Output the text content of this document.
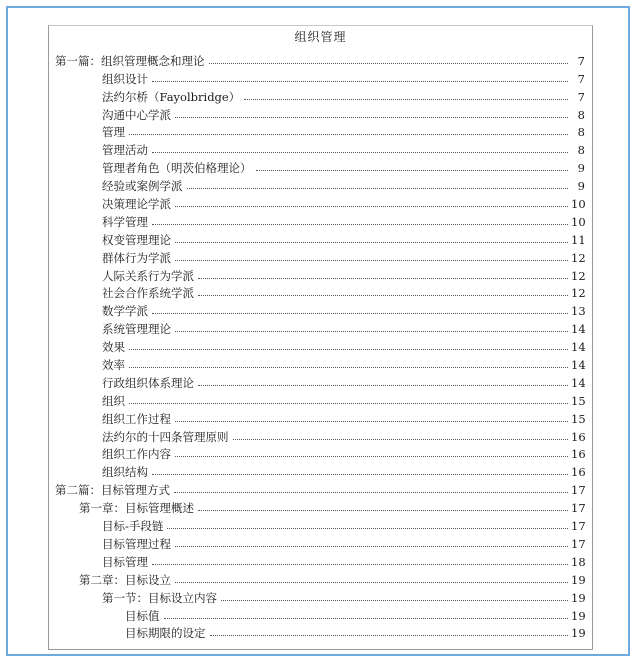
组织管理
第一篇：组织管理概念和理论	7
组织设计	7
法约尔桥（Fayolbridge）	7
沟通中心学派	8
管理	8
管理活动	8
管理者角色（明茨伯格理论）	9
经验或案例学派	9
决策理论学派	10
科学管理	10
权变管理理论	11
群体行为学派	12
人际关系行为学派	12
社会合作系统学派	12
数学学派	13
系统管理理论	14
效果	14
效率	14
行政组织体系理论	14
组织	15
组织工作过程	15
法约尔的十四条管理原则	16
组织工作内容	16
组织结构	16
第二篇：目标管理方式	17
第一章：目标管理概述	17
目标-手段链	17
目标管理过程	17
目标管理	18
第二章：目标设立	19
第一节：目标设立内容	19
目标值	19
目标期限的设定	19
